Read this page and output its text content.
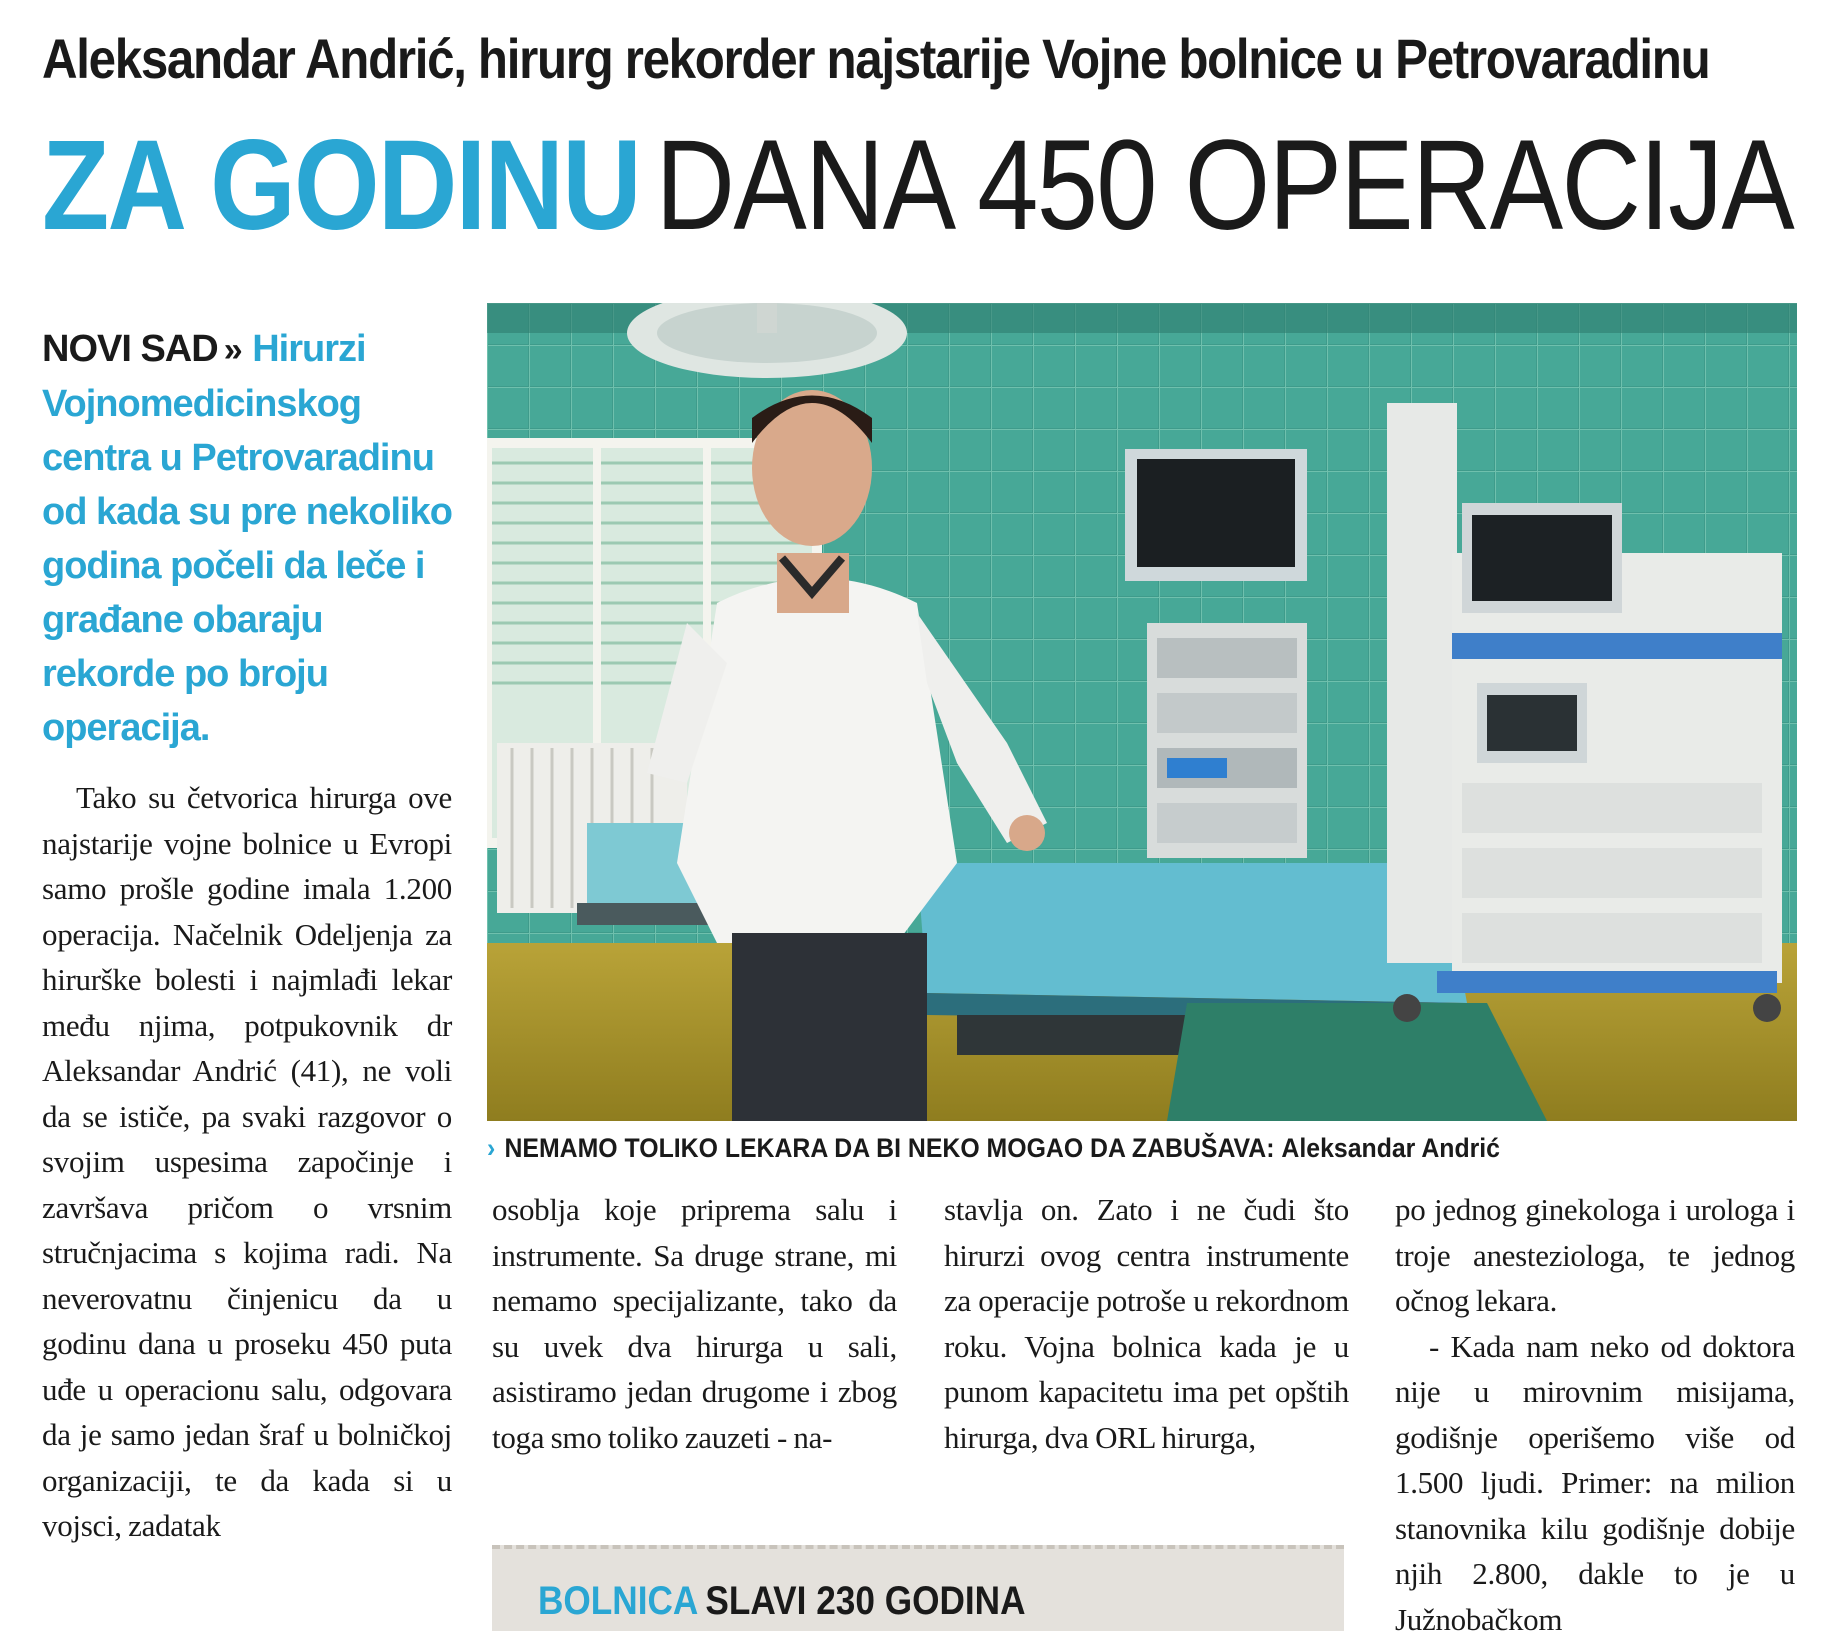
Aleksandar Andrić, hirurg rekorder najstarije Vojne bolnice u Petrovaradinu
ZA GODINU DANA 450 OPERACIJA
NOVI SAD » Hirurzi Vojnomedicinskog centra u Petrovaradinu od kada su pre nekoliko godina počeli da leče i građane obaraju rekorde po broju operacija.

Tako su četvorica hirurga ove najstarije vojne bolnice u Evropi samo prošle godine imala 1.200 operacija. Načelnik Odeljenja za hirurške bolesti i najmlađi lekar među njima, potpukovnik dr Aleksandar Andrić (41), ne voli da se ističe, pa svaki razgovor o svojim uspesima započinje i završava pričom o vrsnim stručnjacima s kojima radi. Na neverovatnu činjenicu da u godinu dana u proseku 450 puta uđe u operacionu salu, odgovara da je samo jedan šraf u bolničkoj organizaciji, te da kada si u vojsci, zadatak

› NEMAMO TOLIKO LEKARA DA BI NEKO MOGAO DA ZABUŠAVA: Aleksandar Andrić

osoblja koje priprema salu i instrumente. Sa druge strane, mi nemamo specijalizante, tako da su uvek dva hirurga u sali, asistiramo jedan drugome i zbog toga smo toliko zauzeti - na-

stavlja on. Zato i ne čudi što hirurzi ovog centra instrumente za operacije potroše u rekordnom roku. Vojna bolnica kada je u punom kapacitetu ima pet opštih hirurga, dva ORL hirurga,

po jednog ginekologa i urologa i troje anesteziologa, te jednog očnog lekara.

- Kada nam neko od doktora nije u mirovnim misijama, godišnje operišemo više od 1.500 ljudi. Primer: na milion stanovnika kilu godišnje dobije njih 2.800, dakle to je u Južnobačkom

BOLNICA SLAVI 230 GODINA
